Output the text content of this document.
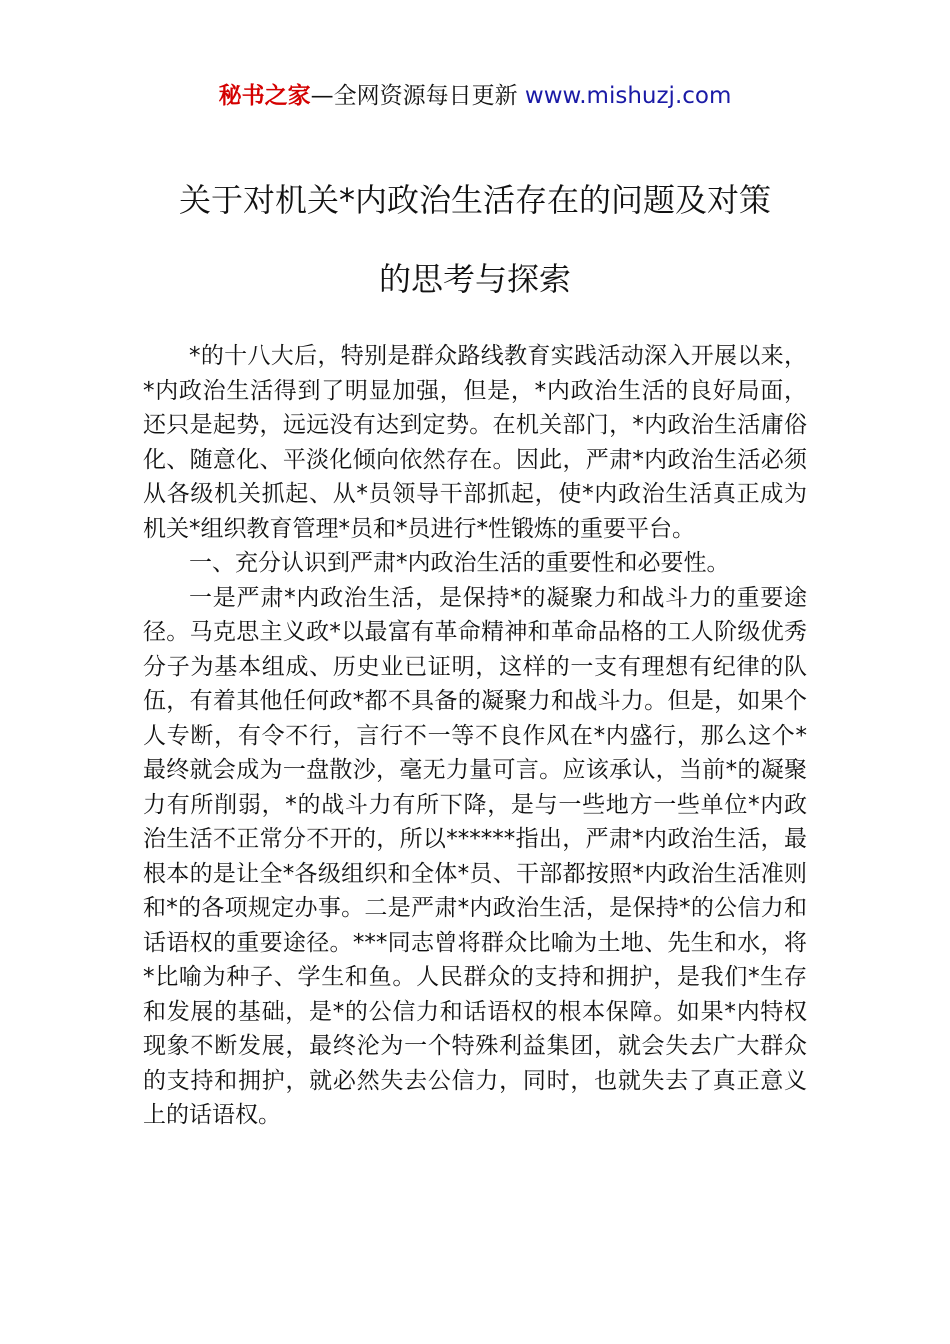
秘书之家—全网资源每日更新 www.mishuzj.com
关于对机关*内政治生活存在的问题及对策
的思考与探索

*的十八大后，特别是群众路线教育实践活动深入开展以来，*内政治生活得到了明显加强，但是，*内政治生活的良好局面，还只是起势，远远没有达到定势。在机关部门，*内政治生活庸俗化、随意化、平淡化倾向依然存在。因此，严肃*内政治生活必须从各级机关抓起、从*员领导干部抓起，使*内政治生活真正成为机关*组织教育管理*员和*员进行*性锻炼的重要平台。

一、充分认识到严肃*内政治生活的重要性和必要性。

一是严肃*内政治生活，是保持*的凝聚力和战斗力的重要途径。马克思主义政*以最富有革命精神和革命品格的工人阶级优秀分子为基本组成、历史业已证明，这样的一支有理想有纪律的队伍，有着其他任何政*都不具备的凝聚力和战斗力。但是，如果个人专断，有令不行，言行不一等不良作风在*内盛行，那么这个*最终就会成为一盘散沙，毫无力量可言。应该承认，当前*的凝聚力有所削弱，*的战斗力有所下降，是与一些地方一些单位*内政治生活不正常分不开的，所以******指出，严肃*内政治生活，最根本的是让全*各级组织和全体*员、干部都按照*内政治生活准则和*的各项规定办事。二是严肃*内政治生活，是保持*的公信力和话语权的重要途径。***同志曾将群众比喻为土地、先生和水，将*比喻为种子、学生和鱼。人民群众的支持和拥护，是我们*生存和发展的基础，是*的公信力和话语权的根本保障。如果*内特权现象不断发展，最终沦为一个特殊利益集团，就会失去广大群众的支持和拥护，就必然失去公信力，同时，也就失去了真正意义上的话语权。
